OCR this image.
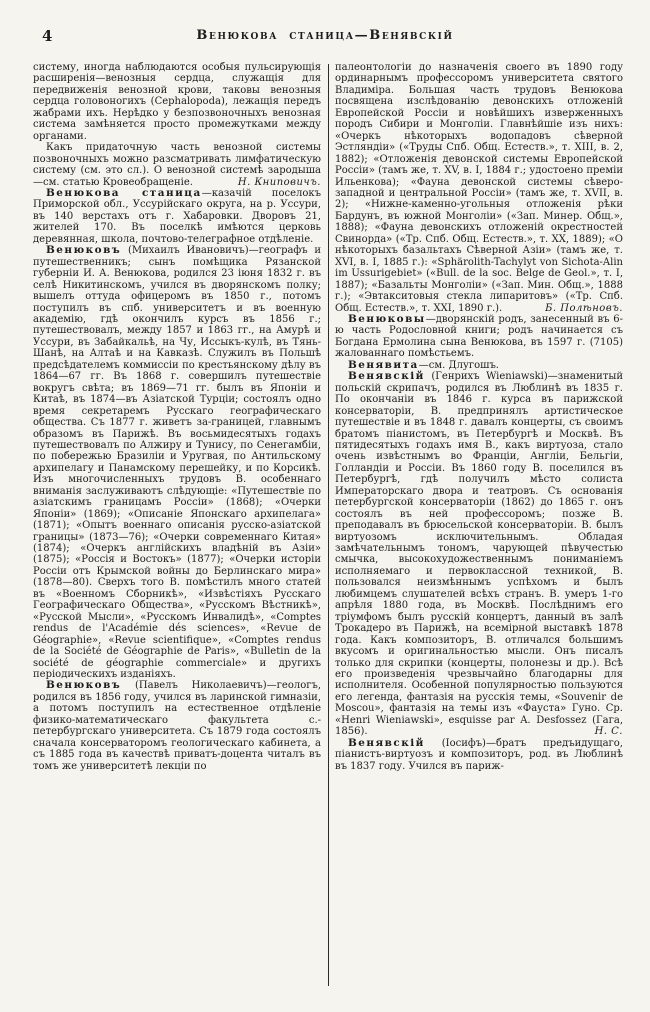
4	Венюкова станица—Венявскій

систему, иногда наблюдаются особыя пульсирующія расширенія—венозныя сердца, служащія для передвиженія венозной крови, таковы венозныя сердца головоногихъ (Cephalopoda), лежащія передъ жабрами ихъ. Нерѣдко у безпозвоночныхъ венозная система замѣняется просто промежутками между органами.

Какъ придаточную часть венозной системы позвоночныхъ можно разсматривать лимфатическую систему (см. это сл.). О венозной системѣ зародыша—см. статью Кровеобращеніе.	Н. Книповичъ.

Венюкова станица—казачій поселокъ Приморской обл., Уссурійскаго округа, на р. Уссури, въ 140 верстахъ отъ г. Хабаровки. Дворовъ 21, жителей 170. Въ поселкѣ имѣются церковь деревянная, школа, почтово-телеграфное отдѣленіе.

Венюковъ (Михаилъ Ивановичъ)—географъ и путешественникъ; сынъ помѣщика Рязанской губерніи И. А. Венюкова, родился 23 іюня 1832 г. въ селѣ Никитинскомъ, учился въ дворянскомъ полку; вышелъ оттуда офицеромъ въ 1850 г., потомъ поступилъ въ спб. университетъ и въ военную академію, гдѣ окончилъ курсъ въ 1856 г.; путешествовалъ, между 1857 и 1863 гг., на Амурѣ и Уссури, въ Забайкальѣ, на Чу, Иссыкъ-кулѣ, въ Тянь-Шанѣ, на Алтаѣ и на Кавказѣ. Служилъ въ Польшѣ предсѣдателемъ коммиссіи по крестьянскому дѣлу въ 1864—67 гг. Въ 1868 г. совершилъ путешествіе вокругъ свѣта; въ 1869—71 гг. былъ въ Японіи и Китаѣ, въ 1874—въ Азіатской Турціи; состоялъ одно время секретаремъ Русскаго географическаго общества. Съ 1877 г. живетъ за-границей, главнымъ образомъ въ Парижѣ. Въ восьмидесятыхъ годахъ путешествовалъ по Алжиру и Тунису, по Сенегамбіи, по побережью Бразиліи и Уругвая, по Антильскому архипелагу и Панамскому перешейку, и по Корсикѣ. Изъ многочисленныхъ трудовъ В. особеннаго вниманія заслуживаютъ слѣдующіе: «Путешествіе по азіатскимъ границамъ Россіи» (1868); «Очерки Японіи» (1869); «Описаніе Японскаго архипелага» (1871); «Опытъ военнаго описанія русско-азіатской границы» (1873—76); «Очерки современнаго Китая» (1874); «Очеркъ англійскихъ владѣній въ Азіи» (1875); «Россія и Востокъ» (1877); «Очерки исторіи Россіи отъ Крымской войны до Берлинскаго мира» (1878—80). Сверхъ того В. помѣстилъ много статей въ «Военномъ Сборникѣ», «Извѣстіяхъ Русскаго Географическаго Общества», «Русскомъ Вѣстникѣ», «Русской Мысли», «Русскомъ Инвалидѣ», «Comptes rendus de l'Académie dés sciences», «Revue de Géographie», «Revue scientifique», «Comptes rendus de la Société de Géographie de Paris», «Bulletin de la société de géographie commerciale» и другихъ періодическихъ изданіяхъ.

Венюковъ (Павелъ Николаевичъ)—геологъ, родился въ 1856 году, учился въ ларинской гимназіи, а потомъ поступилъ на естественное отдѣленіе физико-математическаго факультета с.-петербургскаго университета. Съ 1879 года состоялъ сначала консерваторомъ геологическаго кабинета, а съ 1885 года въ качествѣ приватъ-доцента читалъ въ томъ же университетѣ лекціи по

палеонтологіи до назначенія своего въ 1890 году ординарнымъ профессоромъ университета святого Владиміра. Большая часть трудовъ Венюкова посвящена изслѣдованію девонскихъ отложеній Европейской Россіи и новѣйшихъ изверженныхъ породъ Сибири и Монголіи. Главнѣйшіе изъ нихъ: «Очеркъ нѣкоторыхъ водопадовъ сѣверной Эстляндіи» («Труды Спб. Общ. Естеств.», т. XIII, в. 2, 1882); «Отложенія девонской системы Европейской Россіи» (тамъ же, т. XV, в. I, 1884 г.; удостоено преміи Ильенкова); «Фауна девонской системы сѣверо-западной и центральной Россіи» (тамъ же, т. XVII, в. 2); «Нижне-каменно-угольныя отложенія рѣки Бардунъ, въ южной Монголіи» («Зап. Минер. Общ.», 1888); «Фауна девонскихъ отложеній окрестностей Свинорда» («Тр. Спб. Общ. Естеств.», т. XX, 1889); «О нѣкоторыхъ базальтахъ Сѣверной Азіи» (тамъ же, т. XVI, в. I, 1885 г.): «Sphärolith-Tachylyt von Sichota-Alin im Ussurigebiet» («Bull. de la soc. Belge de Geol.», т. I, 1887); «Базальты Монголіи» («Зап. Мин. Общ.», 1888 г.); «Эвтакситовыя стекла липаритовъ» («Тр. Спб. Общ. Естеств.», т. XXI, 1890 г.).	Б. Полѣновъ.

Венюковы—дворянскій родъ, занесенный въ 6-ю часть Родословной книги; родъ начинается съ Богдана Ермолина сына Венюкова, въ 1597 г. (7105) жалованнаго помѣстьемъ.

Венявита—см. Длугошъ.

Венявскій (Генрихъ Wieniawski)—знаменитый польскій скрипачъ, родился въ Люблинѣ въ 1835 г. По окончаніи въ 1846 г. курса въ парижской консерваторіи, В. предпринялъ артистическое путешествіе и въ 1848 г. давалъ концерты, съ своимъ братомъ піанистомъ, въ Петербургѣ и Москвѣ. Въ пятидесятыхъ годахъ имя В., какъ виртуоза, стало очень извѣстнымъ во Франціи, Англіи, Бельгіи, Голландіи и Россіи. Въ 1860 году В. поселился въ Петербургѣ, гдѣ получилъ мѣсто солиста Императорскаго двора и театровъ. Съ основанія петербургской консерваторіи (1862) до 1865 г. онъ состоялъ въ ней профессоромъ; позже В. преподавалъ въ брюсельской консерваторіи. В. былъ виртуозомъ исключительнымъ. Обладая замѣчательнымъ тономъ, чарующей пѣвучестью смычка, высокохудожественнымъ пониманіемъ исполняемаго и первоклассной техникой, В. пользовался неизмѣннымъ успѣхомъ и былъ любимцемъ слушателей всѣхъ странъ. В. умеръ 1-го апрѣля 1880 года, въ Москвѣ. Послѣднимъ его тріумфомъ былъ русскій концертъ, данный въ залѣ Трокадеро въ Парижѣ, на всемірной выставкѣ 1878 года. Какъ композиторъ, В. отличался большимъ вкусомъ и оригинальностью мысли. Онъ писалъ только для скрипки (концерты, полонезы и др.). Всѣ его произведенія чрезвычайно благодарны для исполнителя. Особенной популярностью пользуются его легенда, фантазія на русскія темы, «Souvenir de Moscou», фантазія на темы изъ «Фауста» Гуно. Ср. «Henri Wieniawski», esquisse par A. Desfossez (Гага, 1856).	Н. С.

Венявскій (Іосифъ)—братъ предъидущаго, піанистъ-виртуозъ и композиторъ, род. въ Люблинѣ въ 1837 году. Учился въ париж-
